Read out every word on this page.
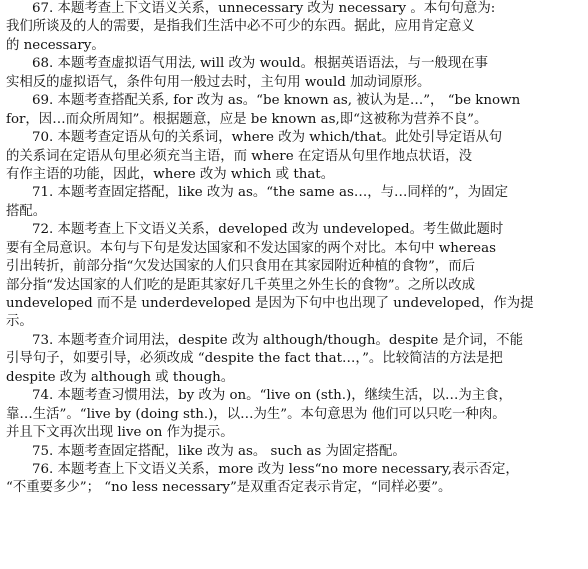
67. 本题考查上下文语义关系，unnecessary 改为 necessary 。本句句意为:
我们所谈及的人的需要，是指我们生活中必不可少的东西。据此，应用肯定意义
的 necessary。
68. 本题考查虚拟语气用法, will 改为 would。根据英语语法，与一般现在事
实相反的虚拟语气，条件句用一般过去时，主句用 would 加动词原形。
69. 本题考查搭配关系, for 改为 as。“be known as, 被认为是…”， “be known
for，因…而众所周知”。根据题意，应是 be known as,即“这被称为营养不良”。
70. 本题考查定语从句的关系词，where 改为 which/that。此处引导定语从句
的关系词在定语从句里必须充当主语，而 where 在定语从句里作地点状语，没
有作主语的功能，因此，where 改为 which 或 that。
71. 本题考查固定搭配，like 改为 as。“the same as…，与…同样的”，为固定
搭配。
72. 本题考查上下文语义关系，developed 改为 undeveloped。考生做此题时
要有全局意识。本句与下句是发达国家和不发达国家的两个对比。本句中 whereas
引出转折，前部分指“欠发达国家的人们只食用在其家园附近种植的食物”，而后
部分指“发达国家的人们吃的是距其家好几千英里之外生长的食物”。之所以改成
undeveloped 而不是 underdeveloped 是因为下句中也出现了 undeveloped，作为提
示。
73. 本题考查介词用法，despite 改为 although/though。despite 是介词，不能
引导句子，如要引导，必须改成 “despite the fact that…，”。比较简洁的方法是把
despite 改为 although 或 though。
74. 本题考查习惯用法，by 改为 on。“live on (sth.)，继续生活，以…为主食，
靠…生活”。“live by (doing sth.)，以…为生”。本句意思为 他们可以只吃一种肉。
并且下文再次出现 live on 作为提示。
75. 本题考查固定搭配，like 改为 as。 such as 为固定搭配。
76. 本题考查上下文语义关系，more 改为 less“no more necessary,表示否定，
“不重要多少”； “no less necessary”是双重否定表示肯定，“同样必要”。
